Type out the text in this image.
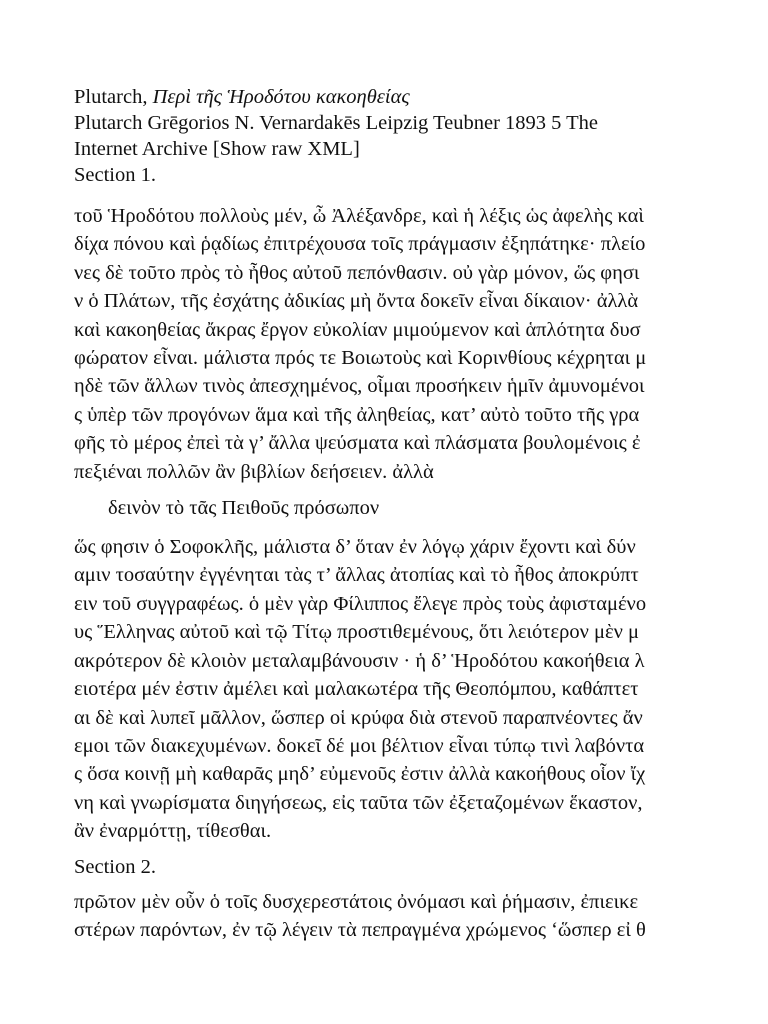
Plutarch, Περὶ τῆς Ἡροδότου κακοηθείας
Plutarch Grēgorios N. Vernardakēs Leipzig Teubner 1893 5 The
Internet Archive [Show raw XML]
Section 1.
τοῦ Ἡροδότου πολλοὺς μέν, ὦ Ἀλέξανδρε, καὶ ἡ λέξις ὡς ἀφελὴς καὶ
δίχα πόνου καὶ ῥᾳδίως ἐπιτρέχουσα τοῖς πράγμασιν ἐξηπάτηκε· πλείο
νες δὲ τοῦτο πρὸς τὸ ἦθος αὐτοῦ πεπόνθασιν. οὐ γὰρ μόνον, ὥς φησι
ν ὁ Πλάτων, τῆς ἐσχάτης ἀδικίας μὴ ὄντα δοκεῖν εἶναι δίκαιον· ἀλλὰ
καὶ κακοηθείας ἄκρας ἔργον εὐκολίαν μιμούμενον καὶ ἁπλότητα δυσ
φώρατον εἶναι. μάλιστα πρός τε Βοιωτοὺς καὶ Κορινθίους κέχρηται μ
ηδὲ τῶν ἄλλων τινὸς ἀπεσχημένος, οἶμαι προσήκειν ἡμῖν ἀμυνομένοι
ς ὑπὲρ τῶν προγόνων ἅμα καὶ τῆς ἀληθείας, κατ’ αὐτὸ τοῦτο τῆς γρα
φῆς τὸ μέρος ἐπεὶ τὰ γ’ ἄλλα ψεύσματα καὶ πλάσματα βουλομένοις ἐ
πεξιέναι πολλῶν ἂν βιβλίων δεήσειεν. ἀλλὰ
δεινὸν τὸ τᾶς Πειθοῦς πρόσωπον
ὥς φησιν ὁ Σοφοκλῆς, μάλιστα δ’ ὅταν ἐν λόγῳ χάριν ἔχοντι καὶ δύν
αμιν τοσαύτην ἐγγένηται τὰς τ’ ἄλλας ἀτοπίας καὶ τὸ ἦθος ἀποκρύπτ
ειν τοῦ συγγραφέως. ὁ μὲν γὰρ Φίλιππος ἔλεγε πρὸς τοὺς ἀφισταμένο
υς Ἕλληνας αὐτοῦ καὶ τῷ Τίτῳ προστιθεμένους, ὅτι λειότερον μὲν μ
ακρότερον δὲ κλοιὸν μεταλαμβάνουσιν · ἡ δ’ Ἡροδότου κακοήθεια λ
ειοτέρα μέν ἐστιν ἀμέλει καὶ μαλακωτέρα τῆς Θεοπόμπου, καθάπτετ
αι δὲ καὶ λυπεῖ μᾶλλον, ὥσπερ οἱ κρύφα διὰ στενοῦ παραπνέοντες ἄν
εμοι τῶν διακεχυμένων. δοκεῖ δέ μοι βέλτιον εἶναι τύπῳ τινὶ λαβόντα
ς ὅσα κοινῇ μὴ καθαρᾶς μηδ’ εὐμενοῦς ἐστιν ἀλλὰ κακοήθους οἷον ἴχ
νη καὶ γνωρίσματα διηγήσεως, εἰς ταῦτα τῶν ἐξεταζομένων ἕκαστον,
ἂν ἐναρμόττῃ, τίθεσθαι.
Section 2.
πρῶτον μὲν οὖν ὁ τοῖς δυσχερεστάτοις ὀνόμασι καὶ ῥήμασιν, ἐπιεικε
στέρων παρόντων, ἐν τῷ λέγειν τὰ πεπραγμένα χρώμενος ‘ὥσπερ εἰ θ
